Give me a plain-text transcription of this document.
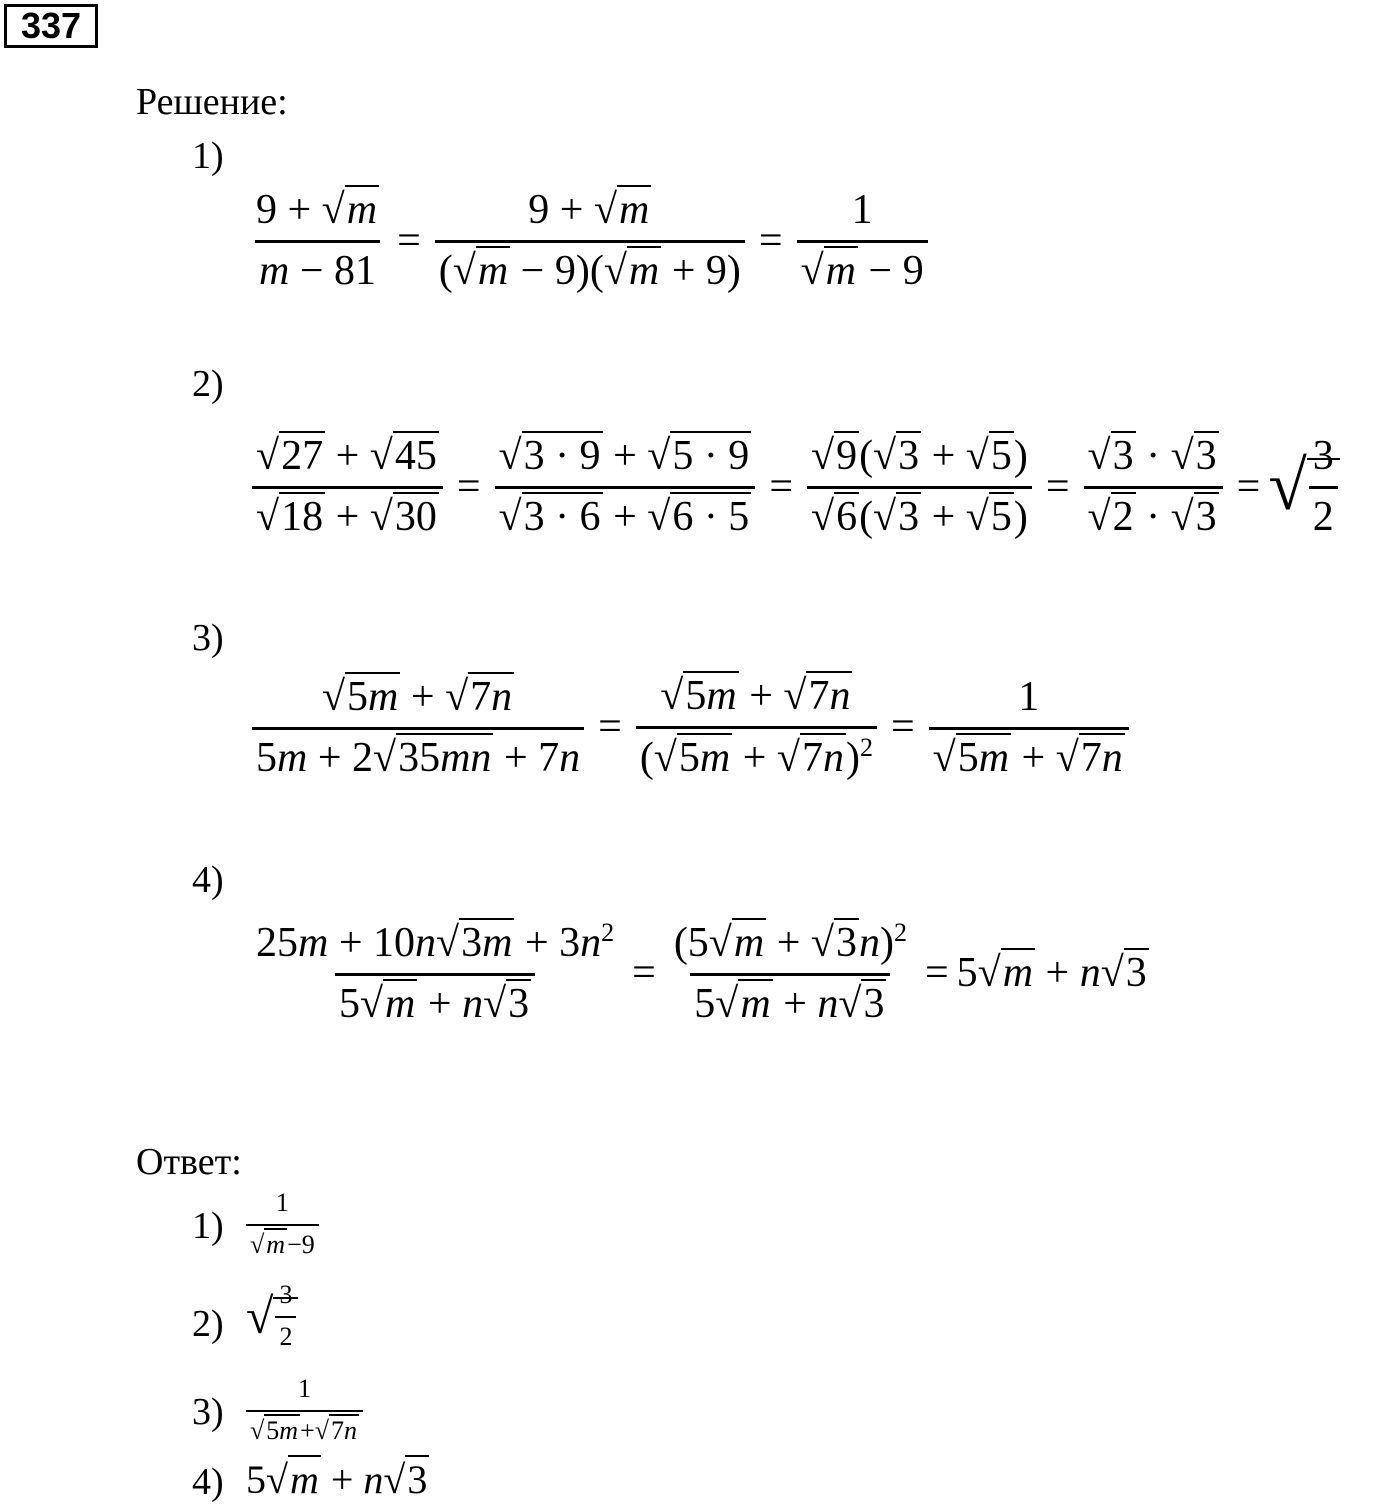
337
Решение:
1)
$\frac{9 + √m}{m - 81} = \frac{9 + √m}{(√m - 9)(√m + 9)} = \frac{1}{√m - 9}$
2)
$\frac{√27 + √45}{√18 + √30} = \frac{√3 \cdot 9 + √5 \cdot 9}{√3 \cdot 6 + √6 \cdot 5} = \frac{√9(√3 + √5)}{√6(√3 + √5)} = \frac{√3 \cdot √3}{√2 \cdot √3}$ = √ $\frac{3}{2}$
3)
$\frac{√5m + √7n}{5m + 2√35mn + 7n} = \frac{√5m + √7n}{(√5m + √7n)^2} = \frac{1}{√5m + √7n}$
4)
$\frac{25m + 10n√3m + 3n^2}{5√m + n√3} = \frac{(5√m + √3n)^2}{5√m + n√3} = 5√m + n√3$
Ответ:
$1) \frac{1}{√m-9}$
2) √ $\frac{3}{2}$
$3) \frac{1}{√5m+√7n}$
4) 5√m + n√3
